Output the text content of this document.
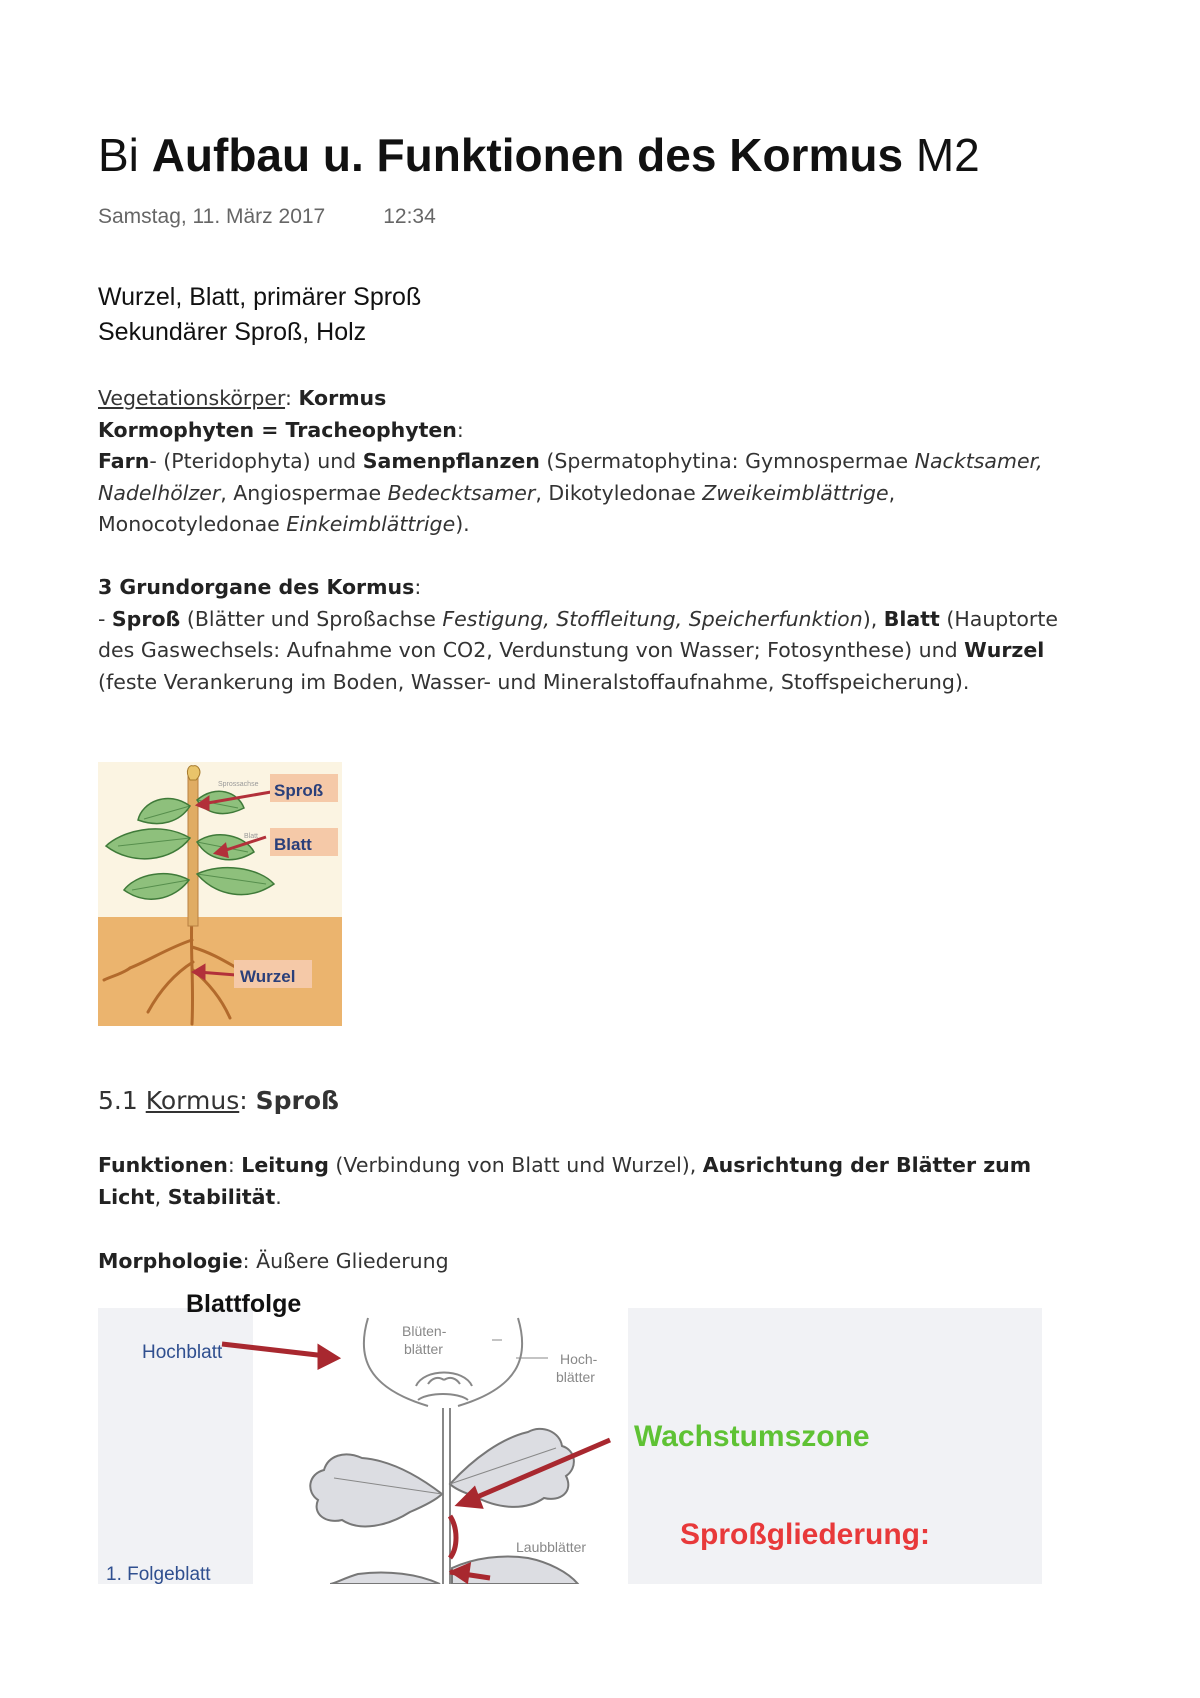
Bi Aufbau u. Funktionen des Kormus M2
Samstag, 11. März 2017	12:34
Wurzel, Blatt, primärer Sproß
Sekundärer Sproß, Holz
Vegetationskörper: Kormus
Kormophyten = Tracheophyten:
Farn- (Pteridophyta) und Samenpflanzen (Spermatophytina: Gymnospermae Nacktsamer, Nadelhölzer, Angiospermae Bedecktsamer, Dikotyledonae Zweikeimblättrige, Monocotyledonae Einkeimblättrige).
3 Grundorgane des Kormus:
- Sproß (Blätter und Sproßachse Festigung, Stoffleitung, Speicherfunktion), Blatt (Hauptorte des Gaswechsels: Aufnahme von CO2, Verdunstung von Wasser; Fotosynthese) und Wurzel (feste Verankerung im Boden, Wasser- und Mineralstoffaufnahme, Stoffspeicherung).
Sproß
Blatt
Wurzel
Sprossachse
Blatt
5.1 Kormus: Sproß
Funktionen: Leitung (Verbindung von Blatt und Wurzel), Ausrichtung der Blätter zum Licht, Stabilität.
Morphologie: Äußere Gliederung
Blattfolge
Hochblatt
1. Folgeblatt
Blüten-
blätter
Hoch-
blätter
Laubblätter
Wachstumszone
Sproßgliederung:
